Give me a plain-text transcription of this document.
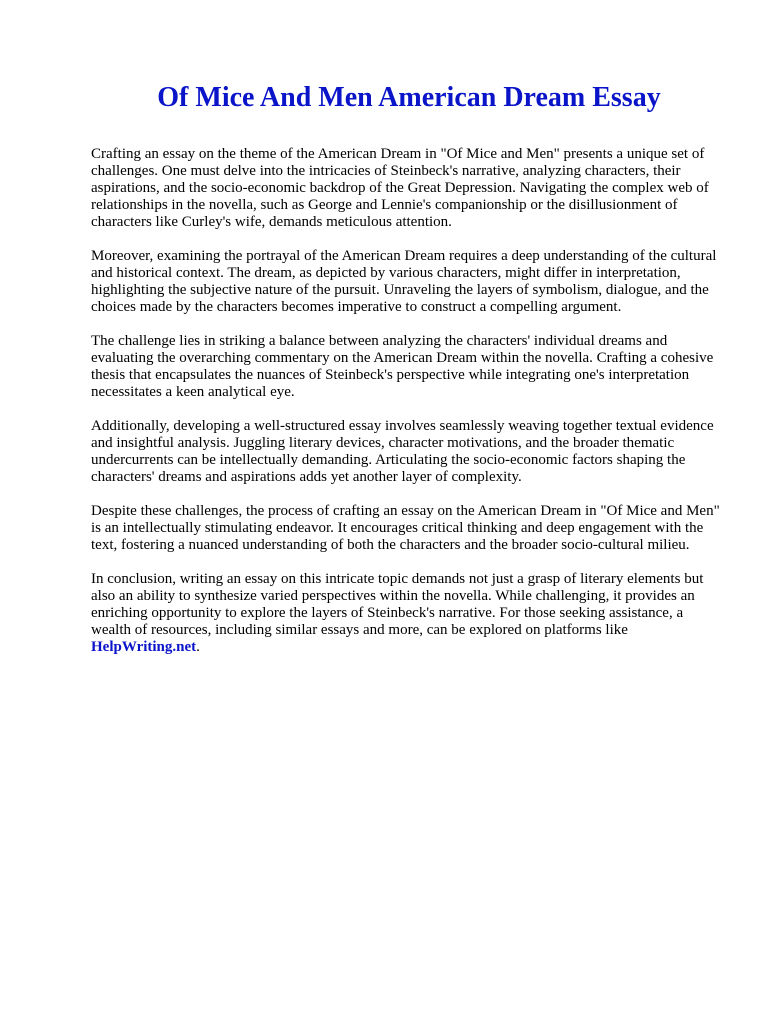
Of Mice And Men American Dream Essay

Crafting an essay on the theme of the American Dream in "Of Mice and Men" presents a unique set of challenges. One must delve into the intricacies of Steinbeck's narrative, analyzing characters, their aspirations, and the socio-economic backdrop of the Great Depression. Navigating the complex web of relationships in the novella, such as George and Lennie's companionship or the disillusionment of characters like Curley's wife, demands meticulous attention.

Moreover, examining the portrayal of the American Dream requires a deep understanding of the cultural and historical context. The dream, as depicted by various characters, might differ in interpretation, highlighting the subjective nature of the pursuit. Unraveling the layers of symbolism, dialogue, and the choices made by the characters becomes imperative to construct a compelling argument.

The challenge lies in striking a balance between analyzing the characters' individual dreams and evaluating the overarching commentary on the American Dream within the novella. Crafting a cohesive thesis that encapsulates the nuances of Steinbeck's perspective while integrating one's interpretation necessitates a keen analytical eye.

Additionally, developing a well-structured essay involves seamlessly weaving together textual evidence and insightful analysis. Juggling literary devices, character motivations, and the broader thematic undercurrents can be intellectually demanding. Articulating the socio-economic factors shaping the characters' dreams and aspirations adds yet another layer of complexity.

Despite these challenges, the process of crafting an essay on the American Dream in "Of Mice and Men" is an intellectually stimulating endeavor. It encourages critical thinking and deep engagement with the text, fostering a nuanced understanding of both the characters and the broader socio-cultural milieu.

In conclusion, writing an essay on this intricate topic demands not just a grasp of literary elements but also an ability to synthesize varied perspectives within the novella. While challenging, it provides an enriching opportunity to explore the layers of Steinbeck's narrative. For those seeking assistance, a wealth of resources, including similar essays and more, can be explored on platforms like
HelpWriting.net.
